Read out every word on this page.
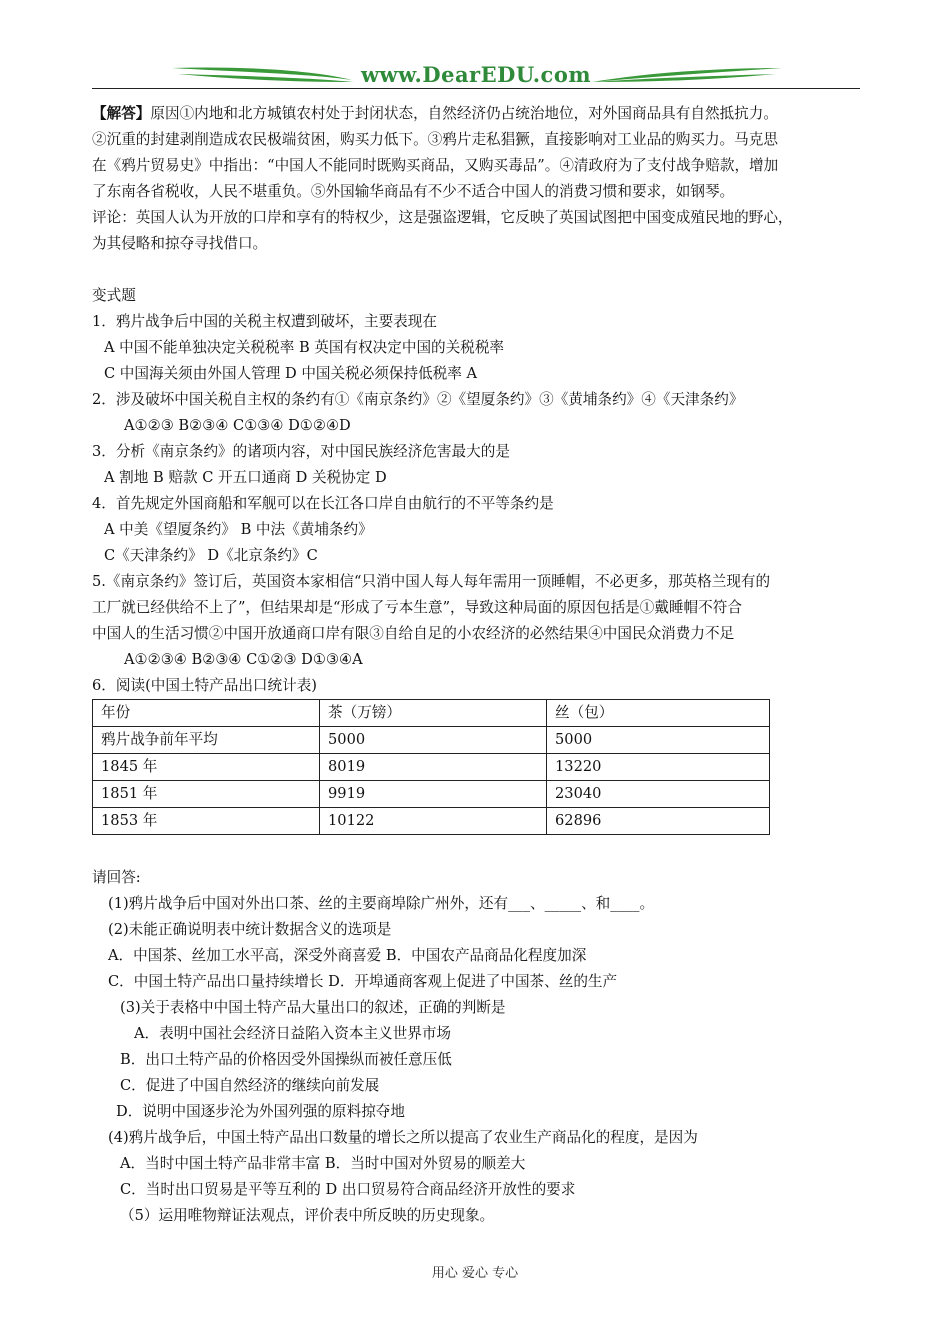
www.DearEDU.com
【解答】原因①内地和北方城镇农村处于封闭状态，自然经济仍占统治地位，对外国商品具有自然抵抗力。
②沉重的封建剥削造成农民极端贫困，购买力低下。③鸦片走私猖獗，直接影响对工业品的购买力。马克思
在《鸦片贸易史》中指出：“中国人不能同时既购买商品，又购买毒品”。④清政府为了支付战争赔款，增加
了东南各省税收，人民不堪重负。⑤外国输华商品有不少不适合中国人的消费习惯和要求，如钢琴。
评论：英国人认为开放的口岸和享有的特权少，这是强盗逻辑，它反映了英国试图把中国变成殖民地的野心，
为其侵略和掠夺寻找借口。
变式题
1．鸦片战争后中国的关税主权遭到破坏，主要表现在
A 中国不能单独决定关税税率 B 英国有权决定中国的关税税率
C 中国海关须由外国人管理 D 中国关税必须保持低税率 A
2．涉及破坏中国关税自主权的条约有①《南京条约》②《望厦条约》③《黄埔条约》④《天津条约》
A①②③ B②③④ C①③④ D①②④D
3．分析《南京条约》的诸项内容，对中国民族经济危害最大的是
A 割地 B 赔款 C 开五口通商 D 关税协定 D
4．首先规定外国商船和军舰可以在长江各口岸自由航行的不平等条约是
A 中美《望厦条约》 B 中法《黄埔条约》
C《天津条约》 D《北京条约》C
5.《南京条约》签订后，英国资本家相信“只消中国人每人每年需用一顶睡帽，不必更多，那英格兰现有的
工厂就已经供给不上了”，但结果却是“形成了亏本生意”，导致这种局面的原因包括是①戴睡帽不符合
中国人的生活习惯②中国开放通商口岸有限③自给自足的小农经济的必然结果④中国民众消费力不足
A①②③④ B②③④ C①②③ D①③④A
6．阅读(中国土特产品出口统计表)
年份	茶（万镑）	丝（包）
鸦片战争前年平均	5000	5000
1845 年	8019	13220
1851 年	9919	23040
1853 年	10122	62896
请回答:
(1)鸦片战争后中国对外出口茶、丝的主要商埠除广州外，还有___、_____、和____。
(2)未能正确说明表中统计数据含义的选项是
A．中国茶、丝加工水平高，深受外商喜爱 B．中国农产品商品化程度加深
C．中国土特产品出口量持续增长 D．开埠通商客观上促进了中国茶、丝的生产
(3)关于表格中中国土特产品大量出口的叙述，正确的判断是
A．表明中国社会经济日益陷入资本主义世界市场
B．出口土特产品的价格因受外国操纵而被任意压低
C．促进了中国自然经济的继续向前发展
D．说明中国逐步沦为外国列强的原料掠夺地
(4)鸦片战争后，中国土特产品出口数量的增长之所以提高了农业生产商品化的程度，是因为
A．当时中国土特产品非常丰富 B．当时中国对外贸易的顺差大
C．当时出口贸易是平等互利的 D 出口贸易符合商品经济开放性的要求
（5）运用唯物辩证法观点，评价表中所反映的历史现象。
用心 爱心 专心
